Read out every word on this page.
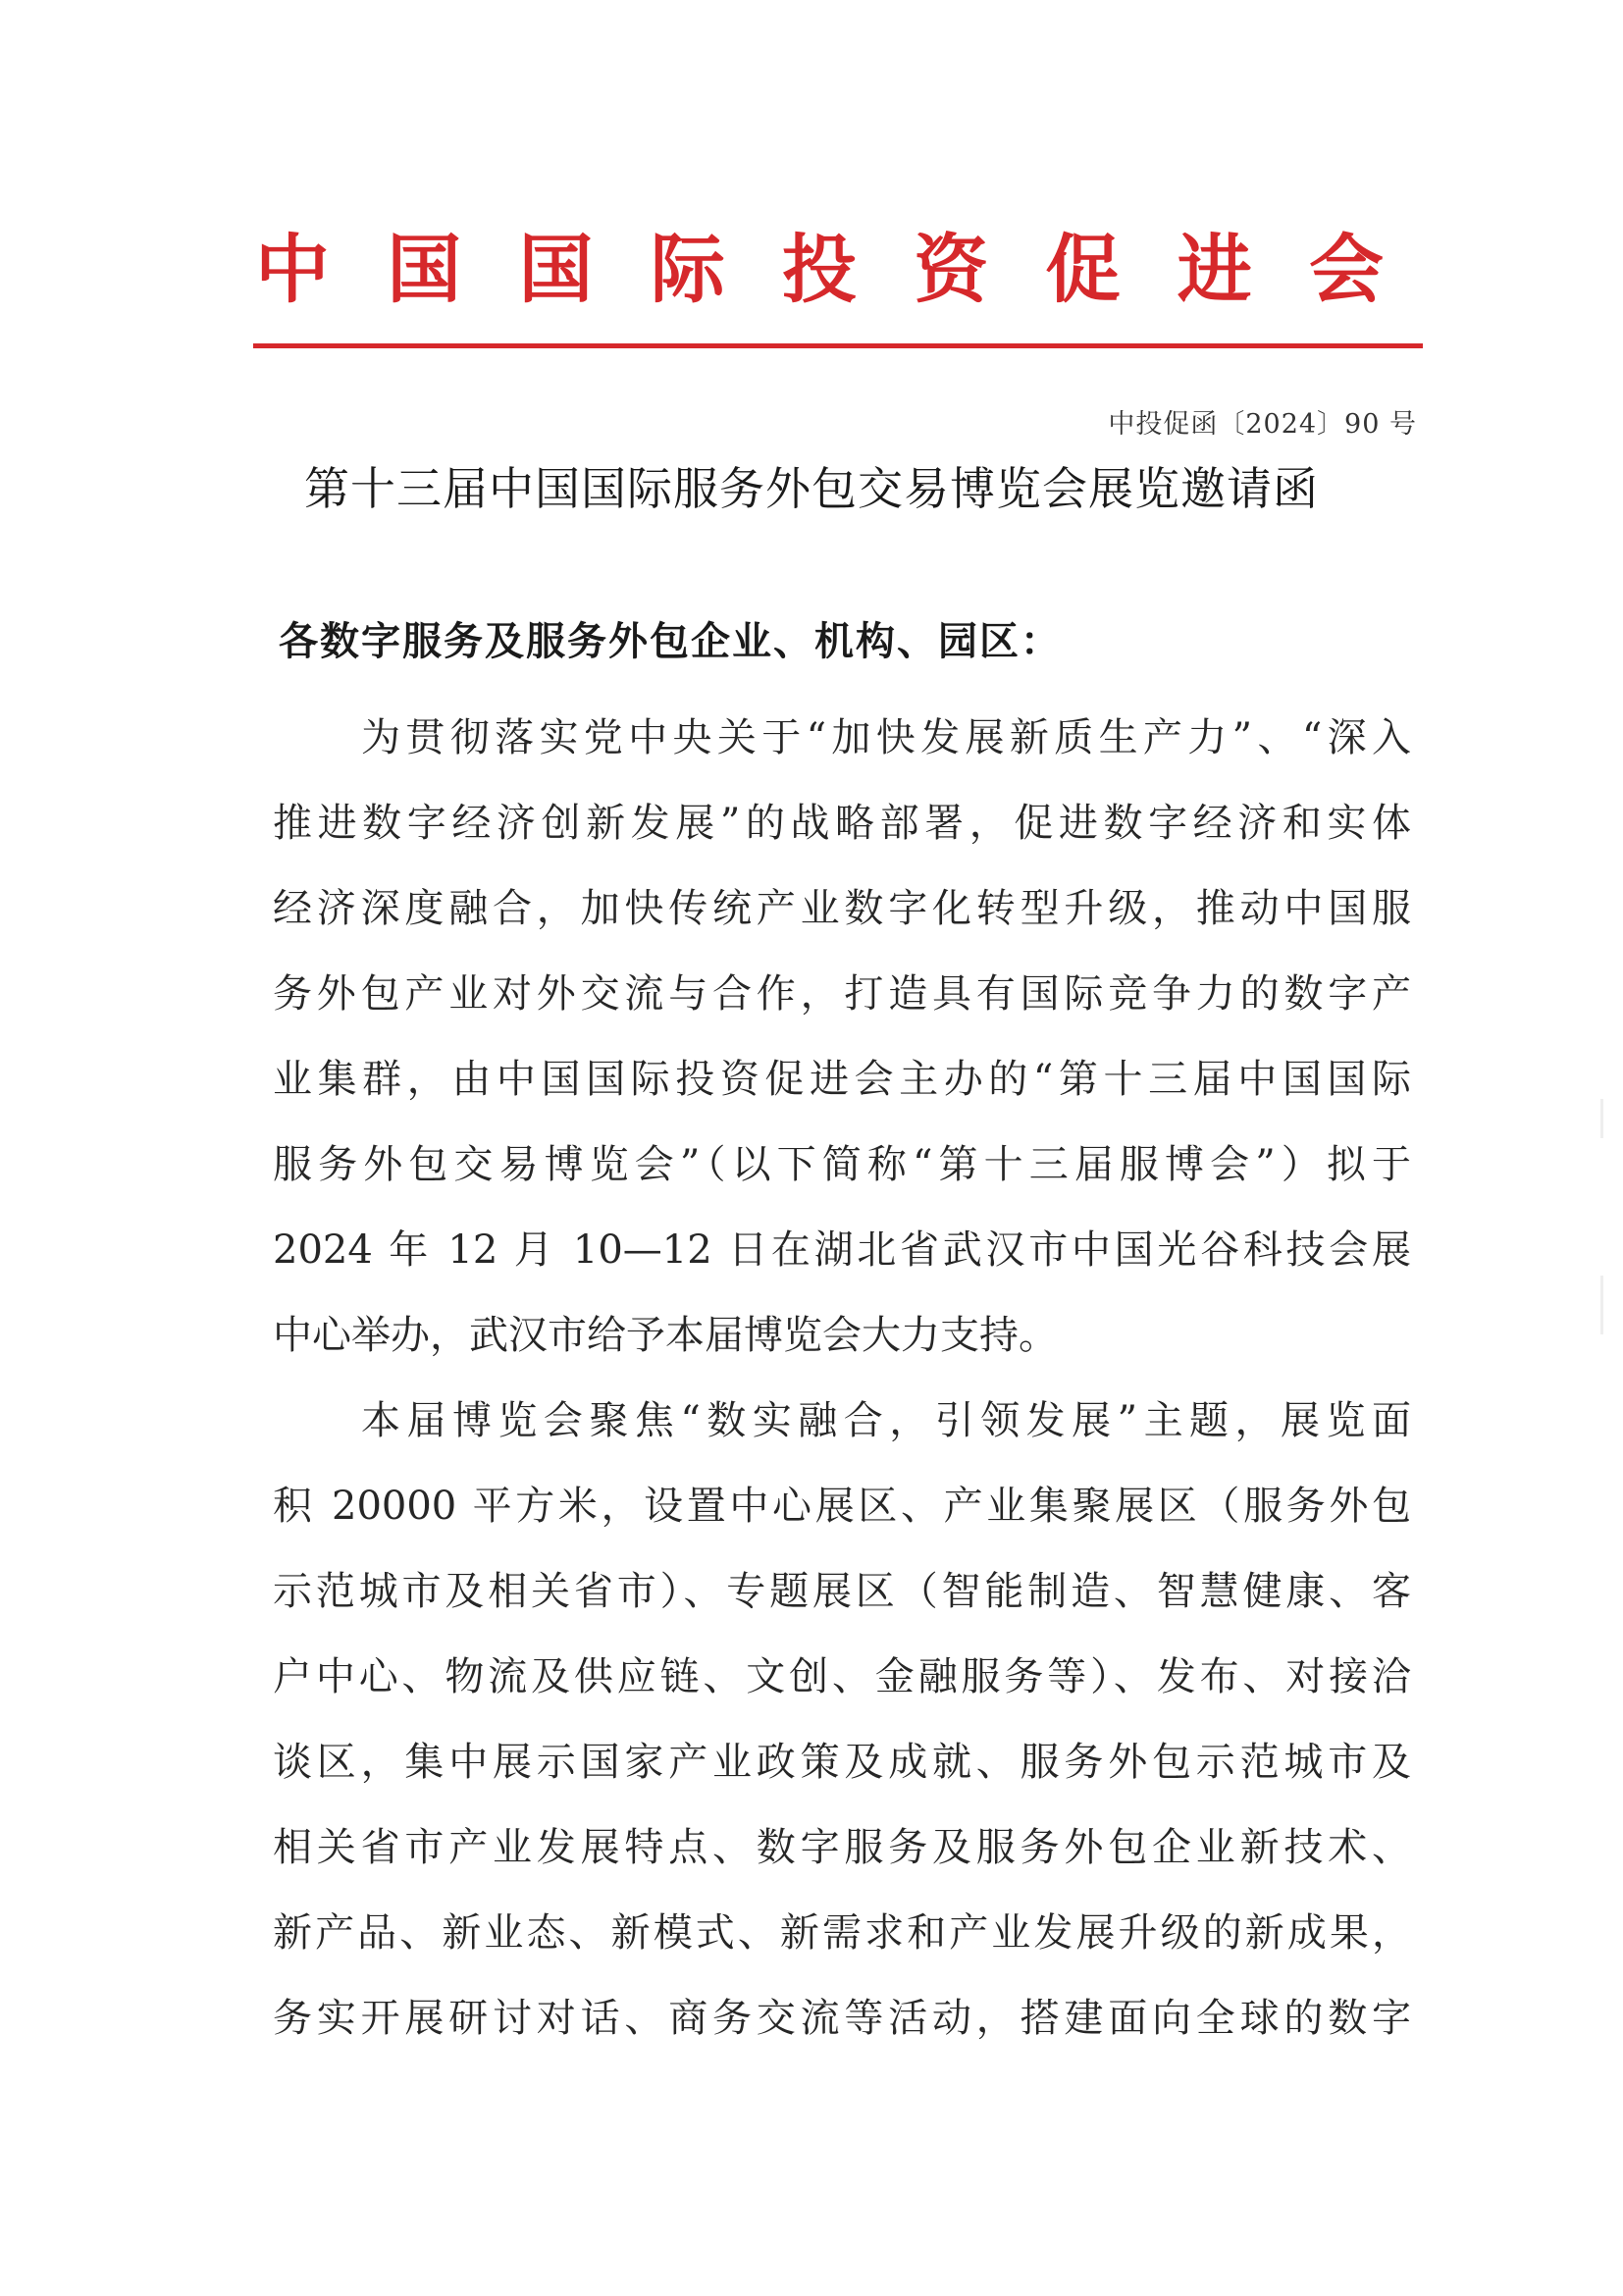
中 国 国 际 投 资 促 进 会
中投促函〔2024〕90 号
第十三届中国国际服务外包交易博览会展览邀请函
各数字服务及服务外包企业、机构、园区：
为贯彻落实党中央关于“加快发展新质生产力”、“深入
推进数字经济创新发展”的战略部署，促进数字经济和实体
经济深度融合，加快传统产业数字化转型升级，推动中国服
务外包产业对外交流与合作，打造具有国际竞争力的数字产
业集群，由中国国际投资促进会主办的“第十三届中国国际
服务外包交易博览会”（以下简称“第十三届服博会”）拟于
2024 年 12 月 10—12 日在湖北省武汉市中国光谷科技会展
中心举办，武汉市给予本届博览会大力支持。
本届博览会聚焦“数实融合，引领发展”主题，展览面
积 20000 平方米，设置中心展区、产业集聚展区（服务外包
示范城市及相关省市）、专题展区（智能制造、智慧健康、客
户中心、物流及供应链、文创、金融服务等）、发布、对接洽
谈区，集中展示国家产业政策及成就、服务外包示范城市及
相关省市产业发展特点、数字服务及服务外包企业新技术、
新产品、新业态、新模式、新需求和产业发展升级的新成果，
务实开展研讨对话、商务交流等活动，搭建面向全球的数字
